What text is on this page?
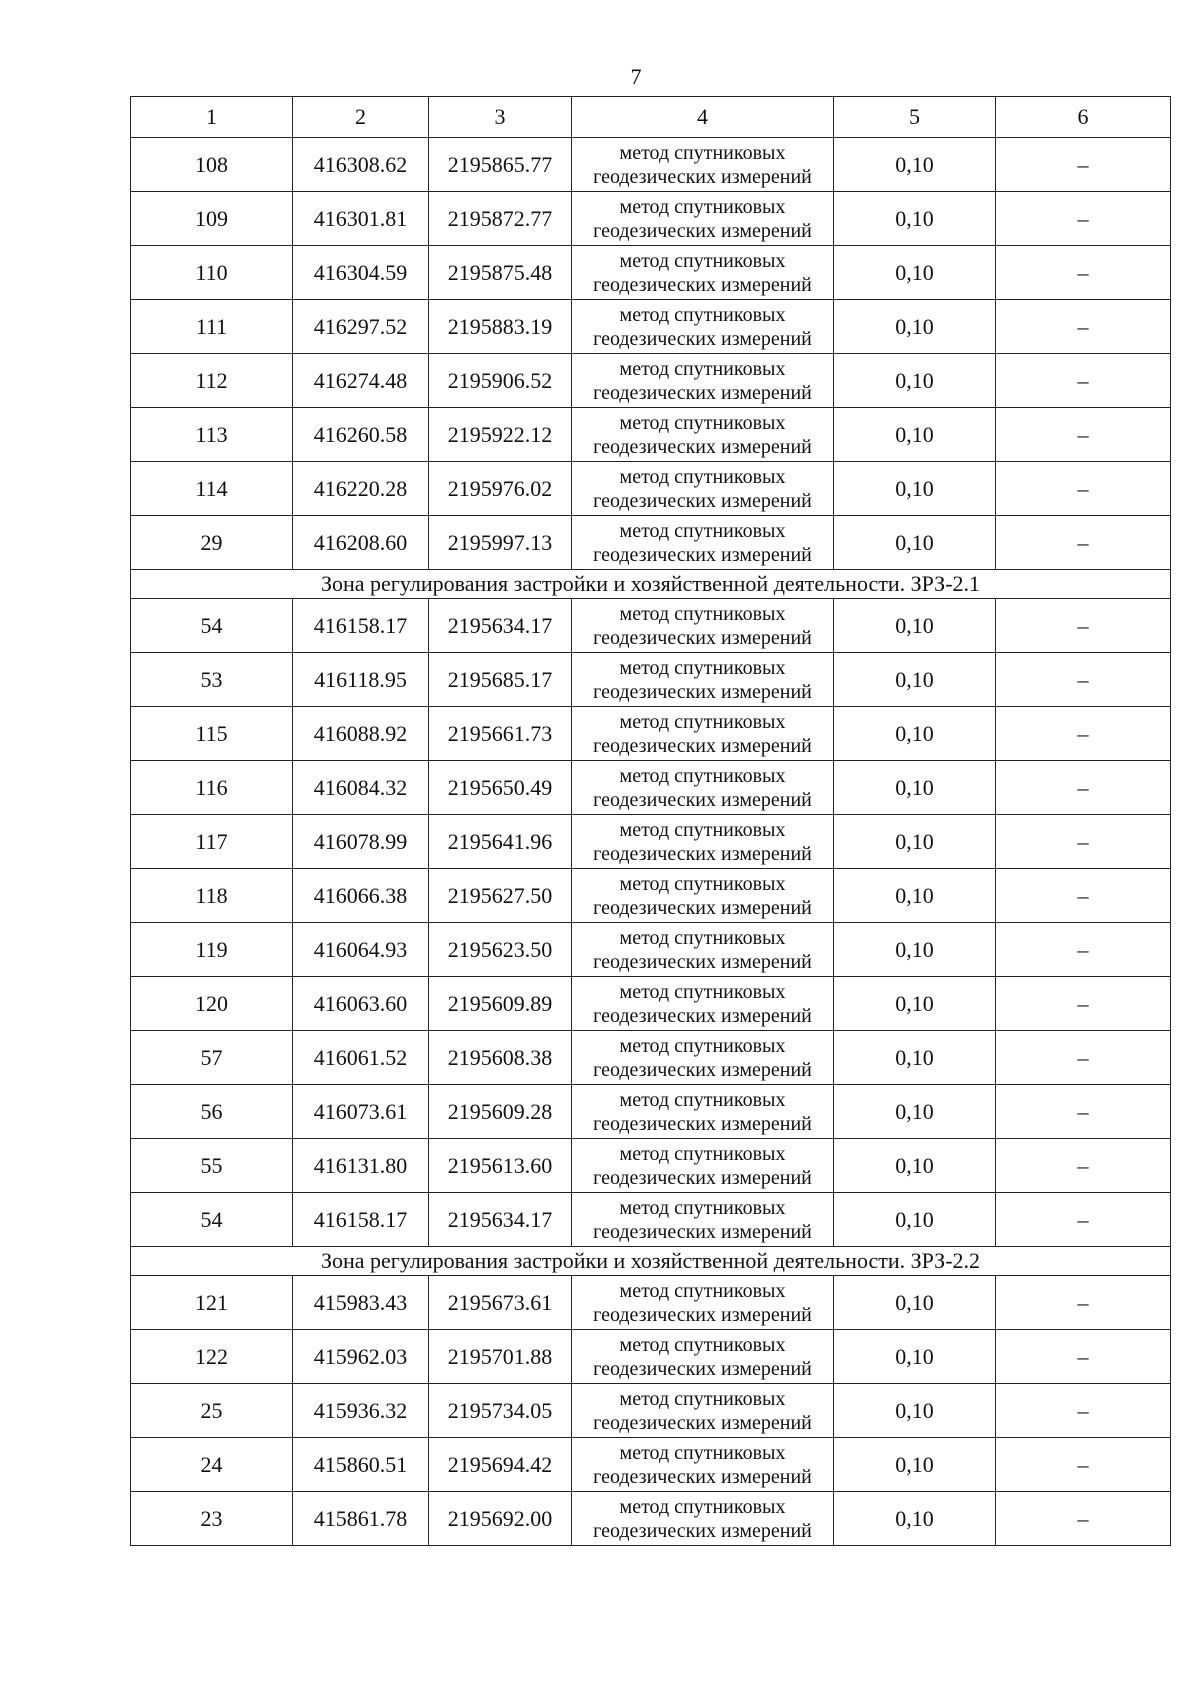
7
1	2	3	4	5	6
108	416308.62	2195865.77	метод спутниковых геодезических измерений	0,10	–
109	416301.81	2195872.77	метод спутниковых геодезических измерений	0,10	–
110	416304.59	2195875.48	метод спутниковых геодезических измерений	0,10	–
111	416297.52	2195883.19	метод спутниковых геодезических измерений	0,10	–
112	416274.48	2195906.52	метод спутниковых геодезических измерений	0,10	–
113	416260.58	2195922.12	метод спутниковых геодезических измерений	0,10	–
114	416220.28	2195976.02	метод спутниковых геодезических измерений	0,10	–
29	416208.60	2195997.13	метод спутниковых геодезических измерений	0,10	–
Зона регулирования застройки и хозяйственной деятельности. ЗРЗ-2.1					
54	416158.17	2195634.17	метод спутниковых геодезических измерений	0,10	–
53	416118.95	2195685.17	метод спутниковых геодезических измерений	0,10	–
115	416088.92	2195661.73	метод спутниковых геодезических измерений	0,10	–
116	416084.32	2195650.49	метод спутниковых геодезических измерений	0,10	–
117	416078.99	2195641.96	метод спутниковых геодезических измерений	0,10	–
118	416066.38	2195627.50	метод спутниковых геодезических измерений	0,10	–
119	416064.93	2195623.50	метод спутниковых геодезических измерений	0,10	–
120	416063.60	2195609.89	метод спутниковых геодезических измерений	0,10	–
57	416061.52	2195608.38	метод спутниковых геодезических измерений	0,10	–
56	416073.61	2195609.28	метод спутниковых геодезических измерений	0,10	–
55	416131.80	2195613.60	метод спутниковых геодезических измерений	0,10	–
54	416158.17	2195634.17	метод спутниковых геодезических измерений	0,10	–
Зона регулирования застройки и хозяйственной деятельности. ЗРЗ-2.2					
121	415983.43	2195673.61	метод спутниковых геодезических измерений	0,10	–
122	415962.03	2195701.88	метод спутниковых геодезических измерений	0,10	–
25	415936.32	2195734.05	метод спутниковых геодезических измерений	0,10	–
24	415860.51	2195694.42	метод спутниковых геодезических измерений	0,10	–
23	415861.78	2195692.00	метод спутниковых геодезических измерений	0,10	–
